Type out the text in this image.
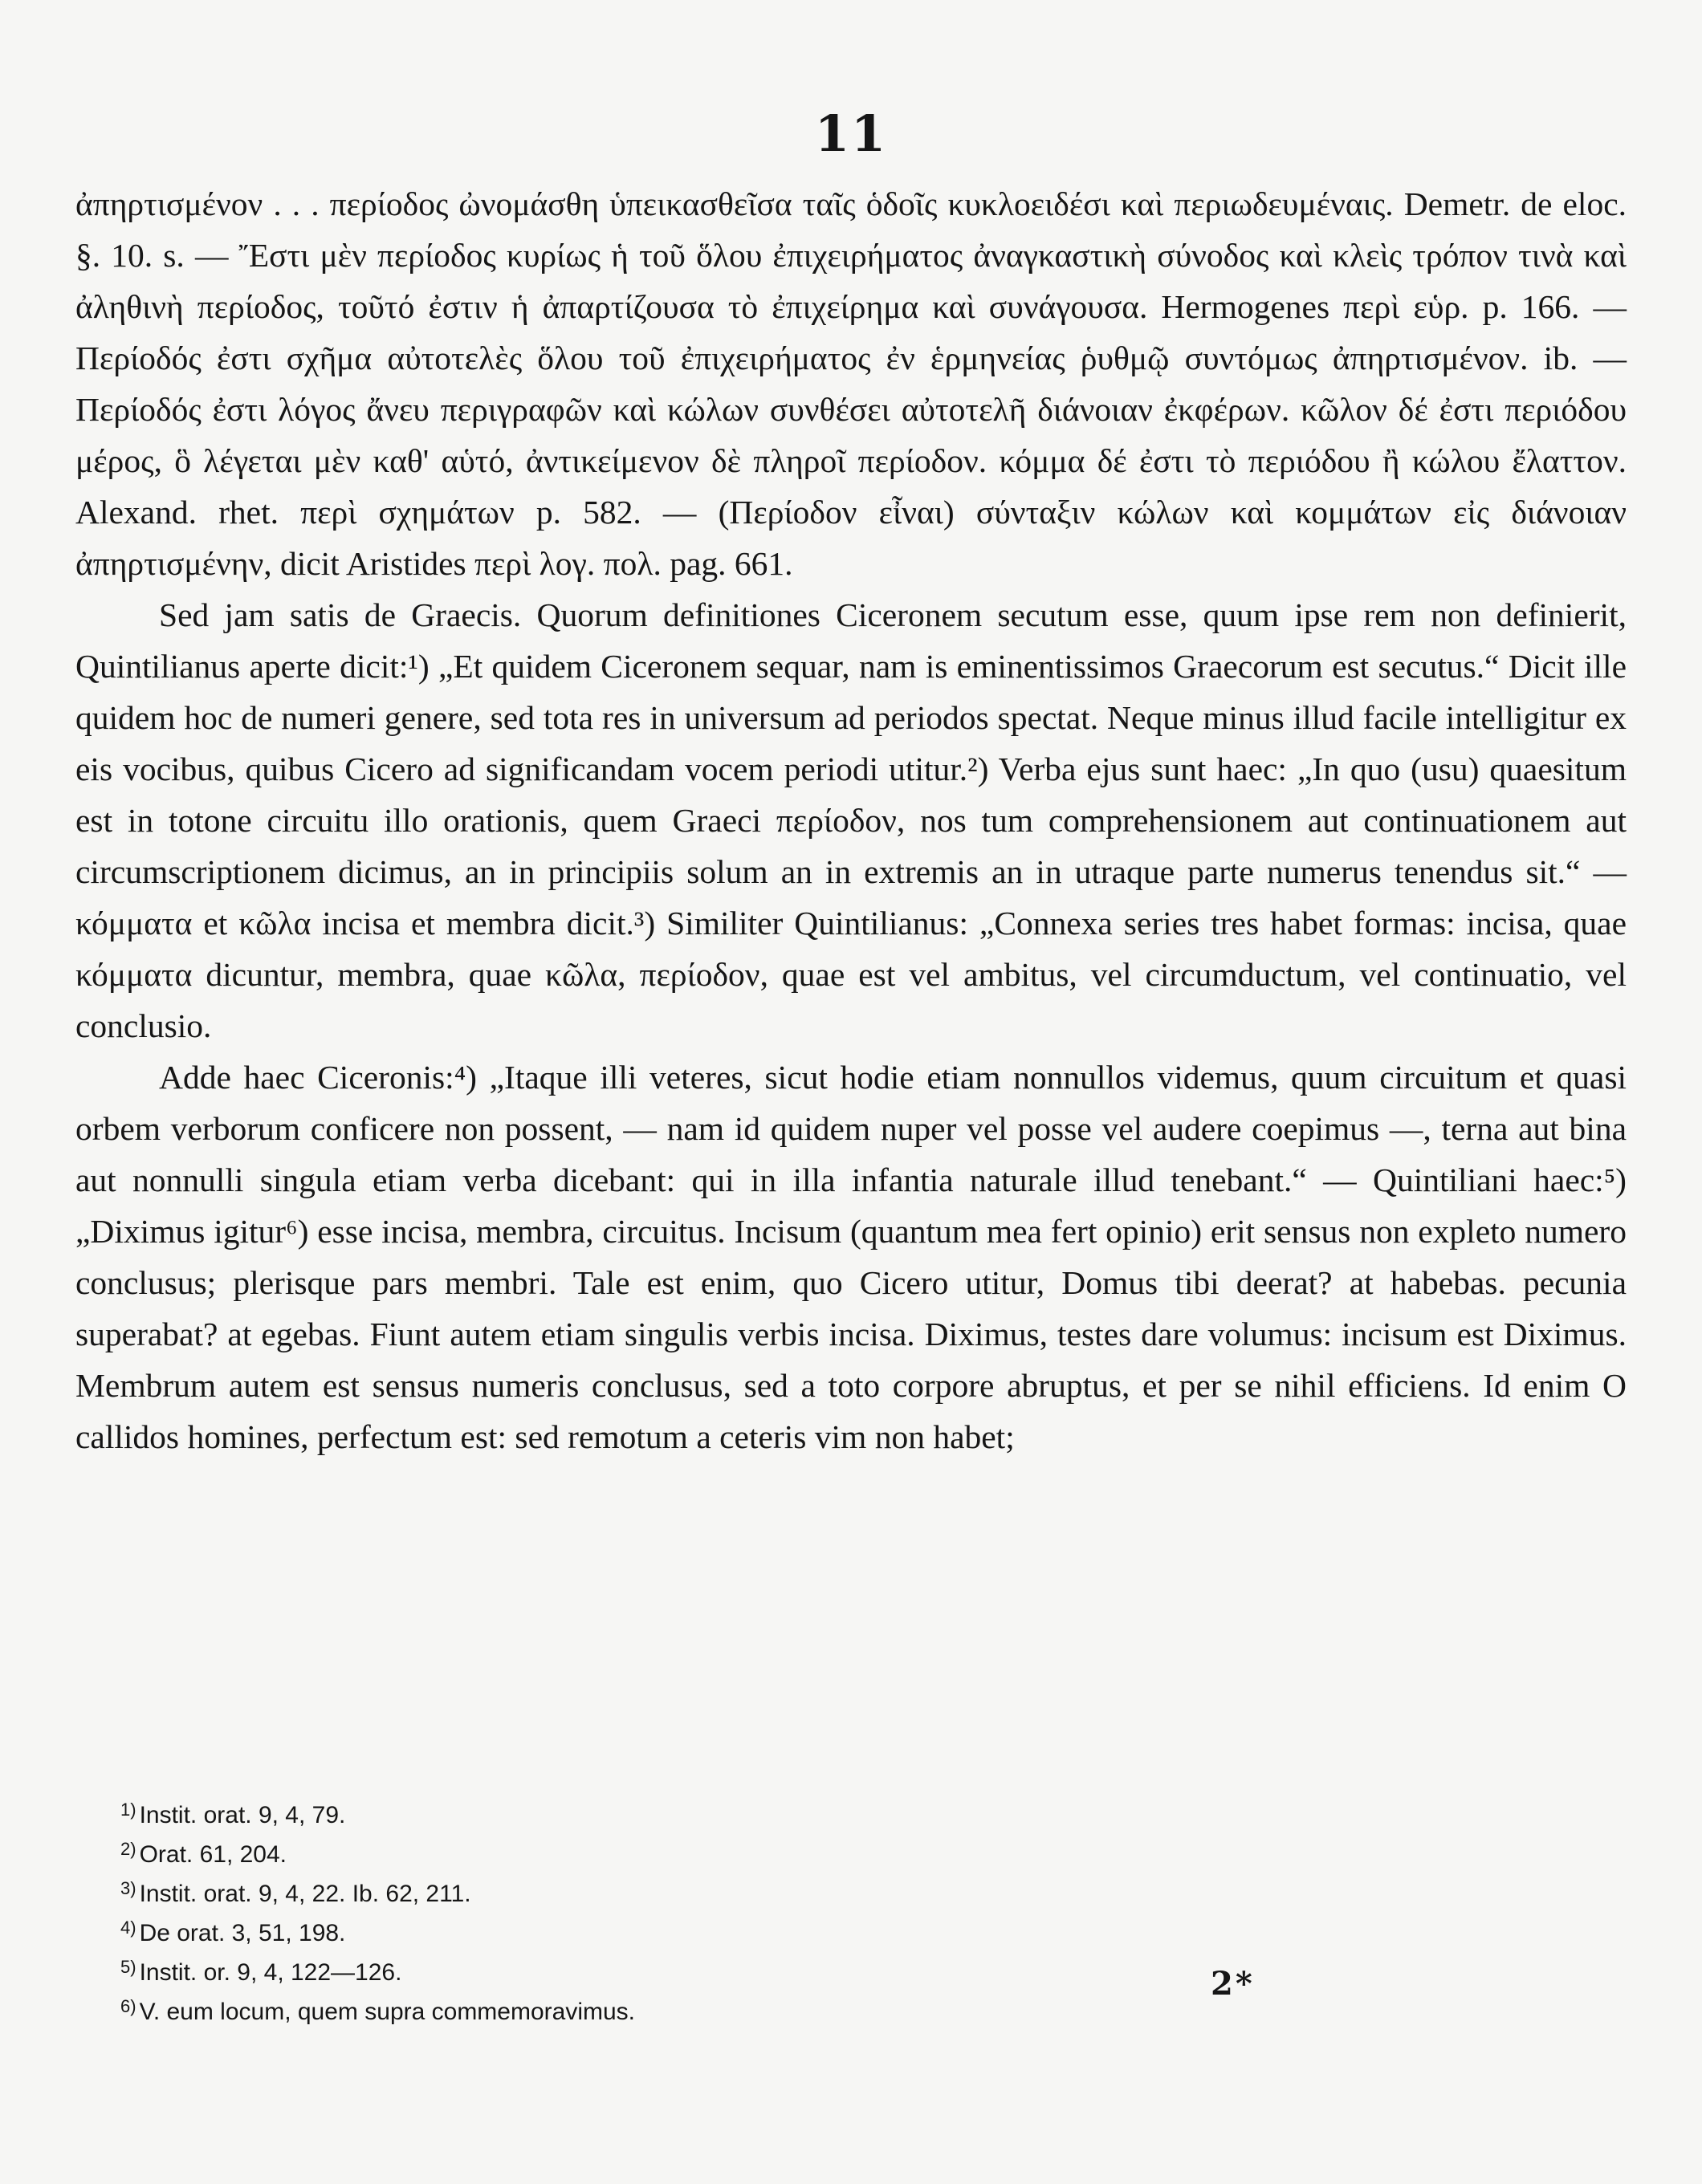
11

ἀπηρτισμένον . . . περίοδος ὠνομάσθη ὑπεικασθεῖσα ταῖς ὁδοῖς κυκλοειδέσι καὶ περιωδευμέναις. Demetr. de eloc. §. 10. s. — Ἔστι μὲν περίοδος κυρίως ἡ τοῦ ὅλου ἐπιχειρήματος ἀναγκαστικὴ σύνοδος καὶ κλεὶς τρόπον τινὰ καὶ ἀληθινὴ περίοδος, τοῦτό ἐστιν ἡ ἀπαρτίζουσα τὸ ἐπιχείρημα καὶ συνάγουσα. Hermogenes περὶ εὑρ. p. 166. — Περίοδός ἐστι σχῆμα αὐτοτελὲς ὅλου τοῦ ἐπιχειρήματος ἐν ἑρμηνείας ῥυθμῷ συντόμως ἀπηρτισμένον. ib. — Περίοδός ἐστι λόγος ἄνευ περιγραφῶν καὶ κώλων συνθέσει αὐτοτελῆ διάνοιαν ἐκφέρων. κῶλον δέ ἐστι περιόδου μέρος, ὃ λέγεται μὲν καθ' αὑτό, ἀντικείμενον δὲ πληροῖ περίοδον. κόμμα δέ ἐστι τὸ περιόδου ἢ κώλου ἔλαττον. Alexand. rhet. περὶ σχημάτων p. 582. — (Περίοδον εἶναι) σύνταξιν κώλων καὶ κομμάτων εἰς διάνοιαν ἀπηρτισμένην, dicit Aristides περὶ λογ. πολ. pag. 661.

Sed jam satis de Graecis. Quorum definitiones Ciceronem secutum esse, quum ipse rem non definierit, Quintilianus aperte dicit:¹) „Et quidem Ciceronem sequar, nam is eminentissimos Graecorum est secutus.“ Dicit ille quidem hoc de numeri genere, sed tota res in universum ad periodos spectat. Neque minus illud facile intelligitur ex eis vocibus, quibus Cicero ad significandam vocem periodi utitur.²) Verba ejus sunt haec: „In quo (usu) quaesitum est in totone circuitu illo orationis, quem Graeci περίοδον, nos tum comprehensionem aut continuationem aut circumscriptionem dicimus, an in principiis solum an in extremis an in utraque parte numerus tenendus sit.“ — κόμματα et κῶλα incisa et membra dicit.³) Similiter Quintilianus: „Connexa series tres habet formas: incisa, quae κόμματα dicuntur, membra, quae κῶλα, περίοδον, quae est vel ambitus, vel circumductum, vel continuatio, vel conclusio.

Adde haec Ciceronis:⁴) „Itaque illi veteres, sicut hodie etiam nonnullos videmus, quum circuitum et quasi orbem verborum conficere non possent, — nam id quidem nuper vel posse vel audere coepimus —, terna aut bina aut nonnulli singula etiam verba dicebant: qui in illa infantia naturale illud tenebant.“ — Quintiliani haec:⁵) „Diximus igitur⁶) esse incisa, membra, circuitus. Incisum (quantum mea fert opinio) erit sensus non expleto numero conclusus; plerisque pars membri. Tale est enim, quo Cicero utitur, Domus tibi deerat? at habebas. pecunia superabat? at egebas. Fiunt autem etiam singulis verbis incisa. Diximus, testes dare volumus: incisum est Diximus. Membrum autem est sensus numeris conclusus, sed a toto corpore abruptus, et per se nihil efficiens. Id enim O callidos homines, perfectum est: sed remotum a ceteris vim non habet;

$^{1)}$ Instit. orat. 9, 4, 79.

$^{2)}$ Orat. 61, 204.

$^{3)}$ Instit. orat. 9, 4, 22. Ib. 62, 211.

$^{4)}$ De orat. 3, 51, 198.

$^{5)}$ Instit. or. 9, 4, 122—126.

$^{6)}$ V. eum locum, quem supra commemoravimus.

2*
